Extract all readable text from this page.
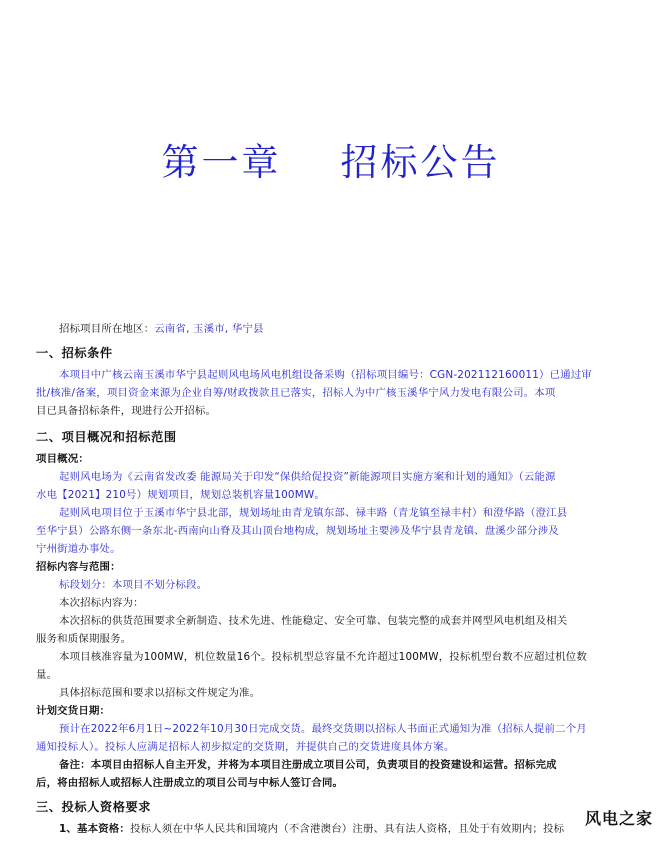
第一章    招标公告
招标项目所在地区：云南省, 玉溪市, 华宁县
一、招标条件
本项目中广核云南玉溪市华宁县起则风电场风电机组设备采购（招标项目编号：CGN-202112160011）已通过审
批/核准/备案，项目资金来源为企业自筹/财政拨款且已落实，招标人为中广核玉溪华宁风力发电有限公司。本项
目已具备招标条件，现进行公开招标。
二、项目概况和招标范围
项目概况：
起则风电场为《云南省发改委 能源局关于印发“保供给促投资”新能源项目实施方案和计划的通知》（云能源
水电【2021】210号）规划项目，规划总装机容量100MW。
起则风电项目位于玉溪市华宁县北部，规划场址由青龙镇东部、禄丰路（青龙镇至禄丰村）和澄华路（澄江县
至华宁县）公路东侧一条东北-西南向山脊及其山顶台地构成，规划场址主要涉及华宁县青龙镇、盘溪少部分涉及
宁州街道办事处。
招标内容与范围：
标段划分：本项目不划分标段。
本次招标内容为：
本次招标的供货范围要求全新制造、技术先进、性能稳定、安全可靠、包装完整的成套并网型风电机组及相关
服务和质保期服务。
本项目核准容量为100MW，机位数量16个。投标机型总容量不允许超过100MW，投标机型台数不应超过机位数
量。
具体招标范围和要求以招标文件规定为准。
计划交货日期：
预计在2022年6月1日~2022年10月30日完成交货。最终交货期以招标人书面正式通知为准（招标人提前二个月
通知投标人）。投标人应满足招标人初步拟定的交货期，并提供自己的交货进度具体方案。
备注：本项目由招标人自主开发，并将为本项目注册成立项目公司，负责项目的投资建设和运营。招标完成
后，将由招标人或招标人注册成立的项目公司与中标人签订合同。
三、投标人资格要求
1、基本资格：投标人须在中华人民共和国境内（不含港澳台）注册、具有法人资格，且处于有效期内；投标
风电之家
